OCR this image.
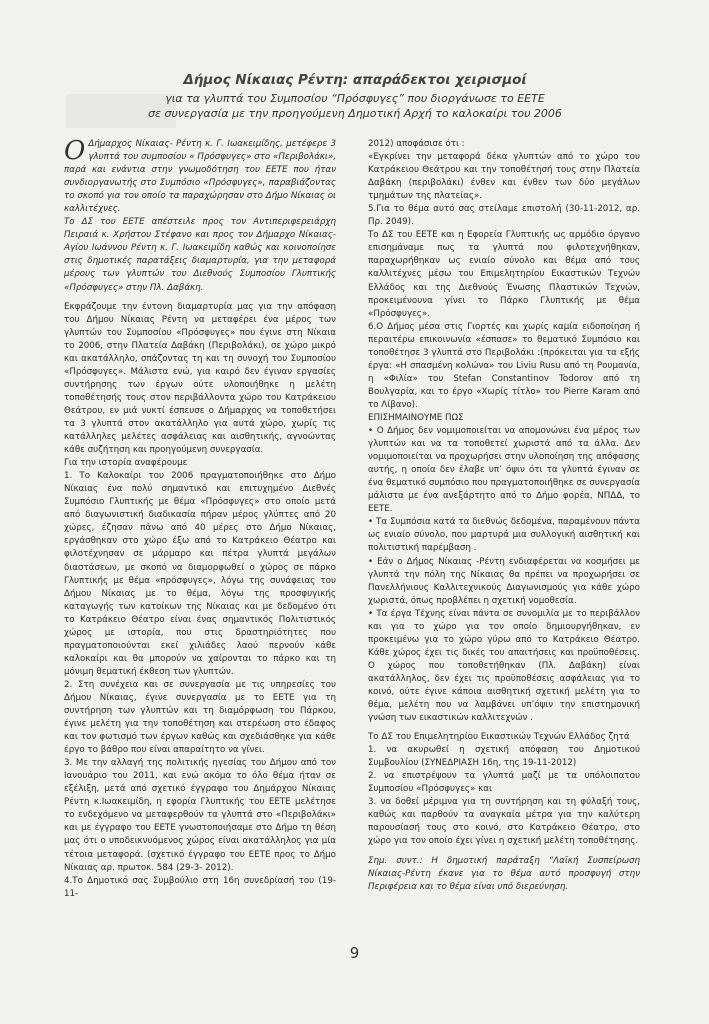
Δήμος Νίκαιας Ρέντη: απαράδεκτοι χειρισμοί

για τα γλυπτά του Συμποσίου “Πρόσφυγες” που διοργάνωσε το ΕΕΤΕ

σε συνεργασία με την προηγούμενη Δημοτική Αρχή το καλοκαίρι του 2006

Ο Δήμαρχος Νίκαιας- Ρέντη κ. Γ. Ιωακειμίδης, μετέφερε 3 γλυπτά του συμποσίου « Πρόσφυγες» στο «Περιβολάκι», παρά και ενάντια στην γνωμοδότηση του ΕΕΤΕ που ήταν συνδιοργανωτής στο Συμπόσιο «Πρόσφυγες», παραβιάζοντας το σκοπό για τον οποίο τα παραχώρησαν στο Δήμο Νίκαιας οι καλλιτέχνες.

Το ΔΣ του ΕΕΤΕ απέστειλε προς τον Αντιπεριφερειάρχη Πειραιά κ. Χρήστου Στέφανο και προς τον Δήμαρχο Νίκαιας- Αγίου Ιωάννου Ρέντη κ. Γ. Ιωακειμίδη καθώς και κοινοποίησε στις δημοτικές παρατάξεις διαμαρτυρία, για την μεταφορά μέρους των γλυπτών του Διεθνούς Συμποσίου Γλυπτικής «Πρόσφυγες» στην Πλ. Δαβάκη.

Εκφράζουμε την έντονη διαμαρτυρία μας για την απόφαση του Δήμου Νίκαιας Ρέντη να μεταφέρει ένα μέρος των γλυπτών του Συμποσίου «Πρόσφυγες» που έγινε στη Νίκαια το 2006, στην Πλατεία Δαβάκη (Περιβολάκι), σε χώρο μικρό και ακατάλληλο, σπάζοντας τη και τη συνοχή του Συμποσίου «Πρόσφυγες». Μάλιστα ενώ, για καιρό δεν έγιναν εργασίες συντήρησης των έργων ούτε υλοποιήθηκε η μελέτη τοποθέτησής τους στον περιβάλλοντα χώρο του Κατράκειου Θεάτρου, εν μιά νυκτί έσπευσε ο Δήμαρχος να τοποθετήσει τα 3 γλυπτά στον ακατάλληλο για αυτά χώρο, χωρίς τις κατάλληλες μελέτες ασφάλειας και αισθητικής, αγνοώντας κάθε συζήτηση και προηγούμενη συνεργασία.

Για την ιστορία αναφέρουμε

1. Το Καλοκαίρι του 2006 πραγματοποιήθηκε στο Δήμο Νίκαιας ένα πολύ σημαντικό και επιτυχημένο Διεθνές Συμπόσιο Γλυπτικής με θέμα «Πρόσφυγες» στο οποίο μετά από διαγωνιστική διαδικασία πήραν μέρος γλύπτες από 20 χώρες, έζησαν πάνω από 40 μέρες στο Δήμο Νίκαιας, εργάσθηκαν στο χώρο έξω από το Κατράκειο Θέατρο και φιλοτέχνησαν σε μάρμαρο και πέτρα γλυπτά μεγάλων διαστάσεων, με σκοπό να διαμορφωθεί ο χώρος σε πάρκο Γλυπτικής με θέμα «πρόσφυγες», λόγω της συνάφειας του Δήμου Νίκαιας με το θέμα, λόγω της προσφυγικής καταγωγής των κατοίκων της Νίκαιας και με δεδομένο ότι το Κατράκειο Θέατρο είναι ένας σημαντικός Πολιτιστικός χώρος με ιστορία, που στις δραστηριότητες που πραγματοποιούνται εκεί χιλιάδες λαού περνούν κάθε καλοκαίρι και θα μπορούν να χαίρονται το πάρκο και τη μόνιμη θεματική έκθεση των γλυπτών.

2. Στη συνέχεια και σε συνεργασία με τις υπηρεσίες του Δήμου Νίκαιας, έγινε συνεργασία με το ΕΕΤΕ για τη συντήρηση των γλυπτών και τη διαμόρφωση του Πάρκου, έγινε μελέτη για την τοποθέτηση και στερέωση στο έδαφος και τον φωτισμό των έργων καθώς και σχεδιάσθηκε για κάθε έργο το βάθρο που είναι απαραίτητο να γίνει.

3. Με την αλλαγή της πολιτικής ηγεσίας του Δήμου από τον Ιανουάριο του 2011, και ενώ ακόμα το όλο θέμα ήταν σε εξέλιξη, μετά από σχετικό έγγραφο του Δημάρχου Νίκαιας Ρέντη κ.Ιωακειμίδη, η εφορία Γλυπτικής του ΕΕΤΕ μελέτησε το ενδεχόμενο να μεταφερθούν τα γλυπτά στο «Περιβολάκι» και με έγγραφο του ΕΕΤΕ γνωστοποιήσαμε στο Δήμο τη θέση μας ότι ο υποδεικνυόμενος χώρος είναι ακατάλληλος για μία τέτοια μεταφορά. (σχετικό έγγραφο του ΕΕΤΕ προς το Δήμο Νίκαιας αρ. πρωτοκ. 584 (29-3- 2012).

4.Το Δημοτικό σας Συμβούλιο στη 16η συνεδρίασή του (19-11-

2012) αποφάσισε ότι :

«Εγκρίνει την μεταφορά δέκα γλυπτών από το χώρο του Κατράκειου Θεάτρου και την τοποθέτησή τους στην Πλατεία Δαβάκη (περιβολάκι) ένθεν και ένθεν των δύο μεγάλων τμημάτων της πλατείας».

5.Για το θέμα αυτό σας στείλαμε επιστολή (30-11-2012, αρ. Πρ. 2049).

Το ΔΣ του ΕΕΤΕ και η Εφορεία Γλυπτικής ως αρμόδιο όργανο επισημάναμε πως τα γλυπτά που φιλοτεχνήθηκαν, παραχωρήθηκαν ως ενιαίο σύνολο και θέμα από τους καλλιτέχνες μέσω του Επιμελητηρίου Εικαστικών Τεχνών Ελλάδος και της Διεθνούς Ένωσης Πλαστικών Τεχνών, προκειμένουνα γίνει το Πάρκο Γλυπτικής με θέμα «Πρόσφυγες».

6.Ο Δήμος μέσα στις Γιορτές και χωρίς καμία ειδοποίηση ή περαιτέρω επικοινωνία «έσπασε» το θεματικό Συμπόσιο και τοποθέτησε 3 γλυπτά στο Περιβολάκι :(πρόκειται για τα εξής έργα: «Η σπασμένη κολώνα» του Liviu Rusu από τη Ρουμανία, η «Φιλία» του Stefan Constantinov Todorov από τη Βουλγαρία, και το έργο «Χωρίς τίτλο» του Pierre Karam από το Λίβανο).

ΕΠΙΣΗΜΑΙΝΟΥΜΕ ΠΩΣ

• Ο Δήμος δεν νομιμοποιείται να απομονώνει ένα μέρος των γλυπτών και να τα τοποθετεί χωριστά από τα άλλα. Δεν νομιμοποιείται να προχωρήσει στην υλοποίηση της απόφασης αυτής, η οποία δεν έλαβε υπ’ όψιν ότι τα γλυπτά έγιναν σε ένα θεματικό συμπόσιο που πραγματοποιήθηκε σε συνεργασία μάλιστα με ένα ανεξάρτητο από το Δήμο φορέα, ΝΠΔΔ, το ΕΕΤΕ.

• Τα Συμπόσια κατά τα διεθνώς δεδομένα, παραμένουν πάντα ως ενιαίο σύνολο, που μαρτυρά μια συλλογική αισθητική και πολιτιστική παρέμβαση .

• Εάν ο Δήμος Νίκαιας -Ρέντη ενδιαφέρεται να κοσμήσει με γλυπτά την πόλη της Νίκαιας θα πρέπει να προχωρήσει σε Πανελλήνιους Καλλιτεχνικούς Διαγωνισμούς για κάθε χώρο χωριστά, όπως προβλέπει η σχετική νομοθεσία.

• Τα έργα Τέχνης είναι πάντα σε συνομιλία με το περιβάλλον και για το χώρο για τον οποίο δημιουργήθηκαν, εν προκειμένω για το χώρο γύρω από το Κατράκειο Θέατρο. Κάθε χώρος έχει τις δικές του απαιτήσεις και προϋποθέσεις. Ο χώρος που τοποθετήθηκαν (Πλ. Δαβάκη) είναι ακατάλληλος, δεν έχει τις προϋποθέσεις ασφάλειας για το κοινό, ούτε έγινε κάποια αισθητική σχετική μελέτη για το θέμα, μελέτη που να λαμβάνει υπ’όψιν την επιστημονική γνώση των εικαστικών καλλιτεχνών .

Το ΔΣ του Επιμελητηρίου Εικαστικών Τεχνών Ελλάδος ζητά

1. να ακυρωθεί η σχετική απόφαση του Δημοτικού Συμβουλίου (ΣΥΝΕΔΡΙΑΣΗ 16η, της 19-11-2012)

2. να επιστρέψουν τα γλυπτά μαζί με τα υπόλοιπατου Συμποσίου «Πρόσφυγες» και

3. να δοθεί μέριμνα για τη συντήρηση και τη φύλαξή τους, καθώς και παρθούν τα αναγκαία μέτρα για την καλύτερη παρουσίασή τους στο κοινό, στο Κατράκειο Θέατρο, στο χώρο για τον οποίο έχει γίνει η σχετική μελέτη τοποθέτησης.

Σημ. συντ.: Η δημοτική παράταξη “Λαϊκή Συσπείρωση Νίκαιας-Ρέντη έκανε για το θέμα αυτό προσφυγή στην Περιφέρεια και το θέμα είναι υπό διερεύνηση.

9
